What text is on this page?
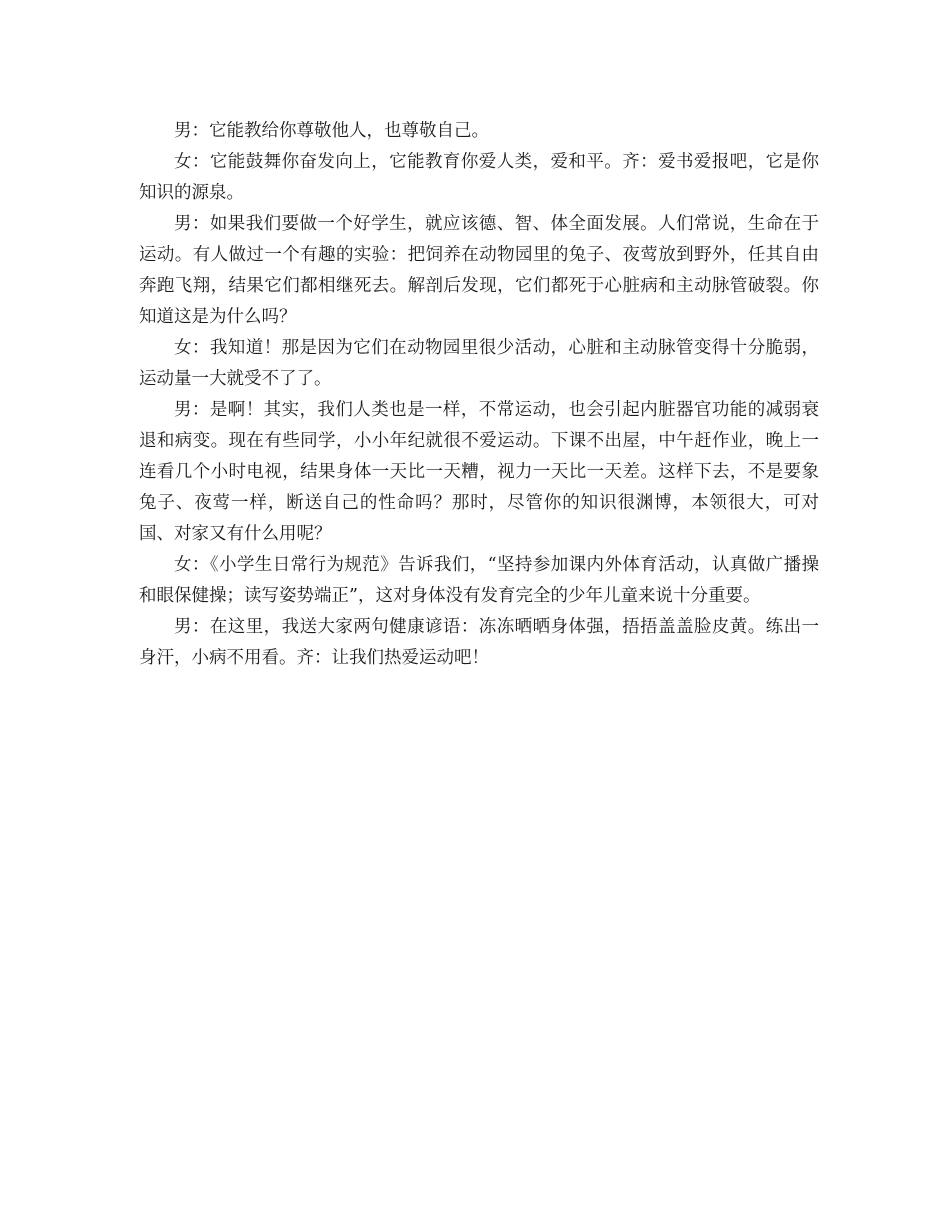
男：它能教给你尊敬他人，也尊敬自己。

女：它能鼓舞你奋发向上，它能教育你爱人类，爱和平。齐：爱书爱报吧，它是你知识的源泉。

男：如果我们要做一个好学生，就应该德、智、体全面发展。人们常说，生命在于运动。有人做过一个有趣的实验：把饲养在动物园里的兔子、夜莺放到野外，任其自由奔跑飞翔，结果它们都相继死去。解剖后发现，它们都死于心脏病和主动脉管破裂。你知道这是为什么吗？

女：我知道！那是因为它们在动物园里很少活动，心脏和主动脉管变得十分脆弱，运动量一大就受不了了。

男：是啊！其实，我们人类也是一样，不常运动，也会引起内脏器官功能的减弱衰退和病变。现在有些同学，小小年纪就很不爱运动。下课不出屋，中午赶作业，晚上一连看几个小时电视，结果身体一天比一天糟，视力一天比一天差。这样下去，不是要象兔子、夜莺一样，断送自己的性命吗？那时，尽管你的知识很渊博，本领很大，可对国、对家又有什么用呢？

女：《小学生日常行为规范》告诉我们，“坚持参加课内外体育活动，认真做广播操和眼保健操；读写姿势端正”，这对身体没有发育完全的少年儿童来说十分重要。

男：在这里，我送大家两句健康谚语：冻冻晒晒身体强，捂捂盖盖脸皮黄。练出一身汗，小病不用看。齐：让我们热爱运动吧！
